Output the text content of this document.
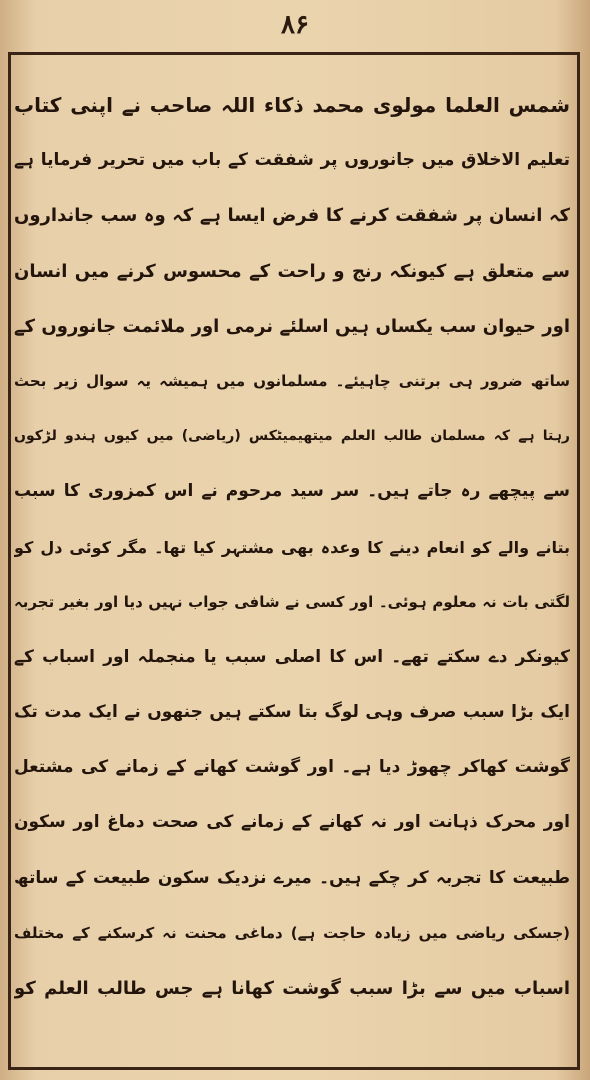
۸۶
شمس العلما مولوی محمد ذکاء اللہ صاحب نے اپنی کتاب
تعلیم الاخلاق میں جانوروں پر شفقت کے باب میں تحریر فرمایا ہے
کہ انسان پر شفقت کرنے کا فرض ایسا ہے کہ وہ سب جانداروں
سے متعلق ہے کیونکہ رنج و راحت کے محسوس کرنے میں انسان
اور حیوان سب یکساں ہیں اسلئے نرمی اور ملائمت جانوروں کے
ساتھ ضرور ہی برتنی چاہیئے۔ مسلمانوں میں ہمیشہ یہ سوال زیر بحث
رہتا ہے کہ مسلمان طالب العلم میتھیمیٹکس (ریاضی) میں کیوں ہندو لڑکوں
سے پیچھے رہ جاتے ہیں۔ سر سید مرحوم نے اس کمزوری کا سبب
بتانے والے کو انعام دینے کا وعدہ بھی مشتہر کیا تھا۔ مگر کوئی دل کو
لگتی بات نہ معلوم ہوئی۔ اور کسی نے شافی جواب نہیں دیا اور بغیر تجربہ
کیونکر دے سکتے تھے۔ اس کا اصلی سبب یا منجملہ اور اسباب کے
ایک بڑا سبب صرف وہی لوگ بتا سکتے ہیں جنھوں نے ایک مدت تک
گوشت کھاکر چھوڑ دیا ہے۔ اور گوشت کھانے کے زمانے کی مشتعل
اور محرک ذہانت اور نہ کھانے کے زمانے کی صحت دماغ اور سکون
طبیعت کا تجربہ کر چکے ہیں۔ میرے نزدیک سکون طبیعت کے ساتھ
(جسکی ریاضی میں زیادہ حاجت ہے) دماغی محنت نہ کرسکنے کے مختلف
اسباب میں سے بڑا سبب گوشت کھانا ہے جس طالب العلم کو
